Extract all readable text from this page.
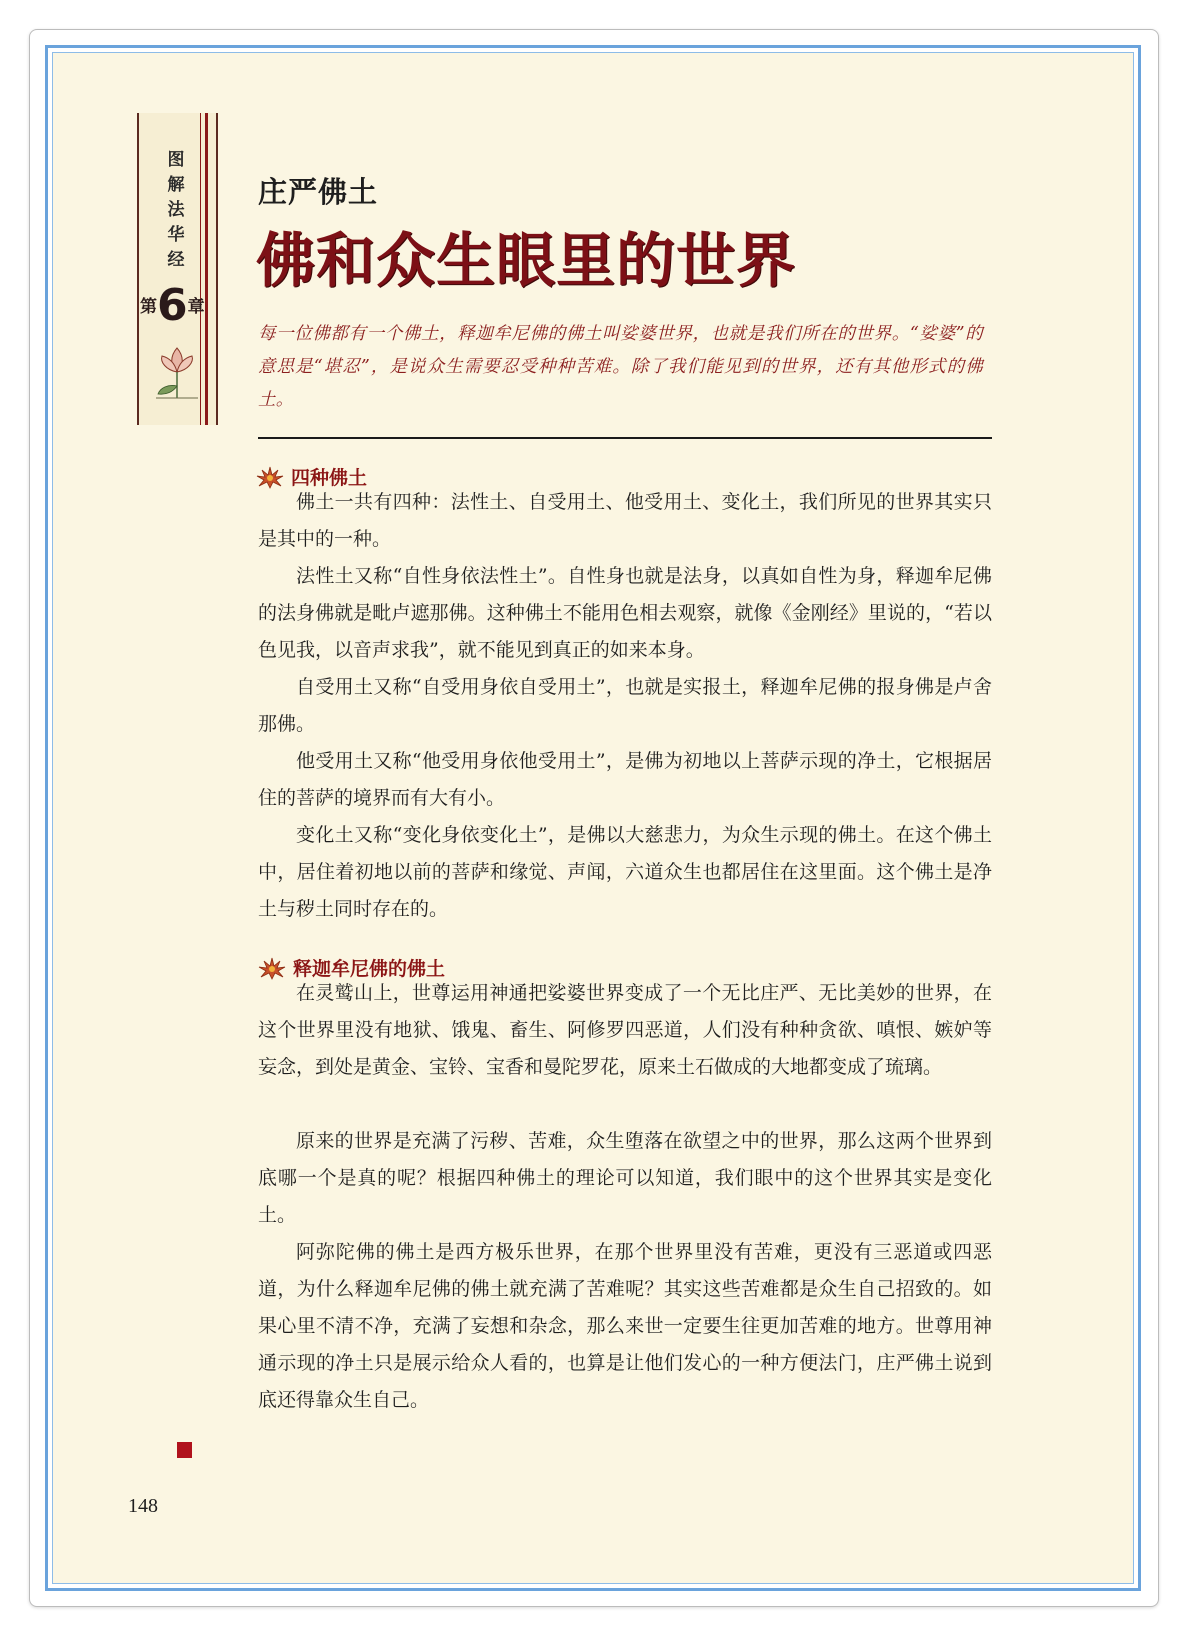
图
解
法
华
经
第6章
庄严佛土
佛和众生眼里的世界
每一位佛都有一个佛土，释迦牟尼佛的佛土叫娑婆世界，也就是我们所在的世界。“娑婆”的意思是“堪忍”，是说众生需要忍受种种苦难。除了我们能见到的世界，还有其他形式的佛土。
四种佛土
佛土一共有四种：法性土、自受用土、他受用土、变化土，我们所见的世界其实只是其中的一种。
法性土又称“自性身依法性土”。自性身也就是法身，以真如自性为身，释迦牟尼佛的法身佛就是毗卢遮那佛。这种佛土不能用色相去观察，就像《金刚经》里说的，“若以色见我，以音声求我”，就不能见到真正的如来本身。
自受用土又称“自受用身依自受用土”，也就是实报土，释迦牟尼佛的报身佛是卢舍那佛。
他受用土又称“他受用身依他受用土”，是佛为初地以上菩萨示现的净土，它根据居住的菩萨的境界而有大有小。
变化土又称“变化身依变化土”，是佛以大慈悲力，为众生示现的佛土。在这个佛土中，居住着初地以前的菩萨和缘觉、声闻，六道众生也都居住在这里面。这个佛土是净土与秽土同时存在的。
释迦牟尼佛的佛土
在灵鹫山上，世尊运用神通把娑婆世界变成了一个无比庄严、无比美妙的世界，在这个世界里没有地狱、饿鬼、畜生、阿修罗四恶道，人们没有种种贪欲、嗔恨、嫉妒等妄念，到处是黄金、宝铃、宝香和曼陀罗花，原来土石做成的大地都变成了琉璃。
原来的世界是充满了污秽、苦难，众生堕落在欲望之中的世界，那么这两个世界到底哪一个是真的呢？根据四种佛土的理论可以知道，我们眼中的这个世界其实是变化土。
阿弥陀佛的佛土是西方极乐世界，在那个世界里没有苦难，更没有三恶道或四恶道，为什么释迦牟尼佛的佛土就充满了苦难呢？其实这些苦难都是众生自己招致的。如果心里不清不净，充满了妄想和杂念，那么来世一定要生往更加苦难的地方。世尊用神通示现的净土只是展示给众人看的，也算是让他们发心的一种方便法门，庄严佛土说到底还得靠众生自己。
148
